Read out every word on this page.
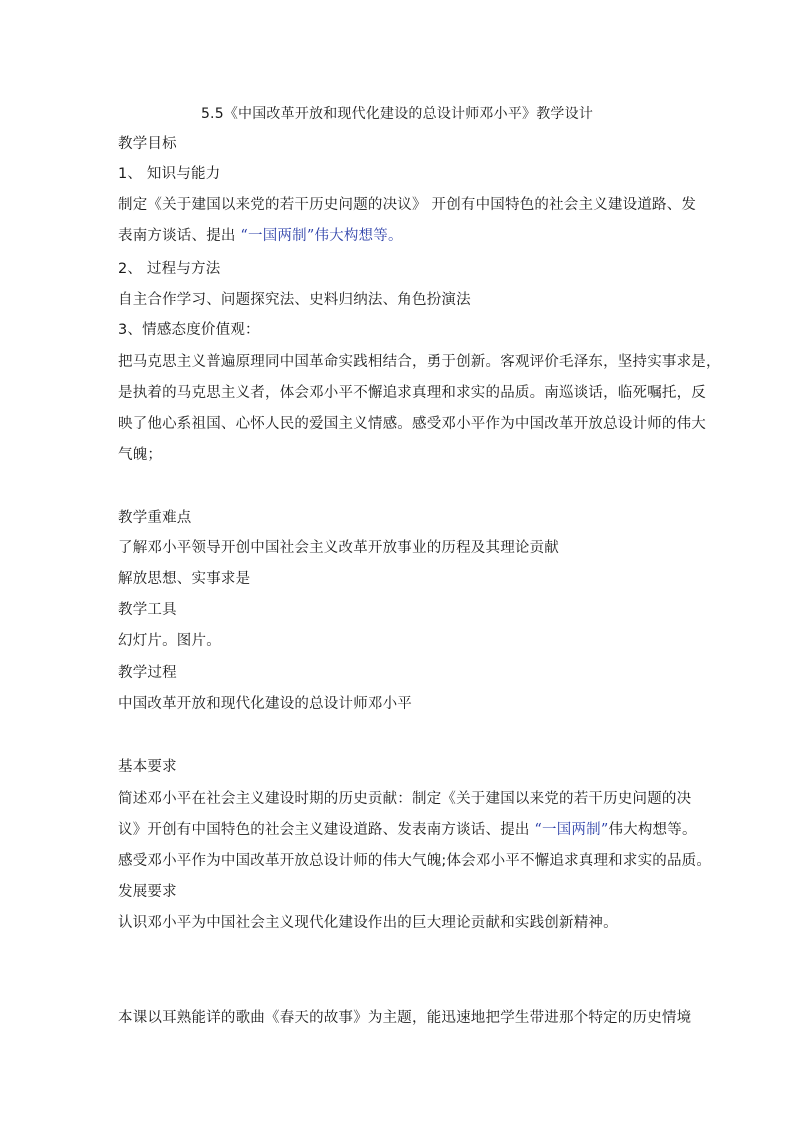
5.5《中国改革开放和现代化建设的总设计师邓小平》教学设计
教学目标
1、 知识与能力
制定《关于建国以来党的若干历史问题的决议》 开创有中国特色的社会主义建设道路、发
表南方谈话、提出 “一国两制”伟大构想等。
2、 过程与方法
自主合作学习、问题探究法、史料归纳法、角色扮演法
3、情感态度价值观：
把马克思主义普遍原理同中国革命实践相结合，勇于创新。客观评价毛泽东，坚持实事求是，
是执着的马克思主义者，体会邓小平不懈追求真理和求实的品质。南巡谈话，临死嘱托，反
映了他心系祖国、心怀人民的爱国主义情感。感受邓小平作为中国改革开放总设计师的伟大
气魄；
教学重难点
了解邓小平领导开创中国社会主义改革开放事业的历程及其理论贡献
解放思想、实事求是
教学工具
幻灯片。图片。
教学过程
中国改革开放和现代化建设的总设计师邓小平
基本要求
简述邓小平在社会主义建设时期的历史贡献：制定《关于建国以来党的若干历史问题的决
议》开创有中国特色的社会主义建设道路、发表南方谈话、提出 “一国两制”伟大构想等。
感受邓小平作为中国改革开放总设计师的伟大气魄;体会邓小平不懈追求真理和求实的品质。
发展要求
认识邓小平为中国社会主义现代化建设作出的巨大理论贡献和实践创新精神。
本课以耳熟能详的歌曲《春天的故事》为主题，能迅速地把学生带进那个特定的历史情境
